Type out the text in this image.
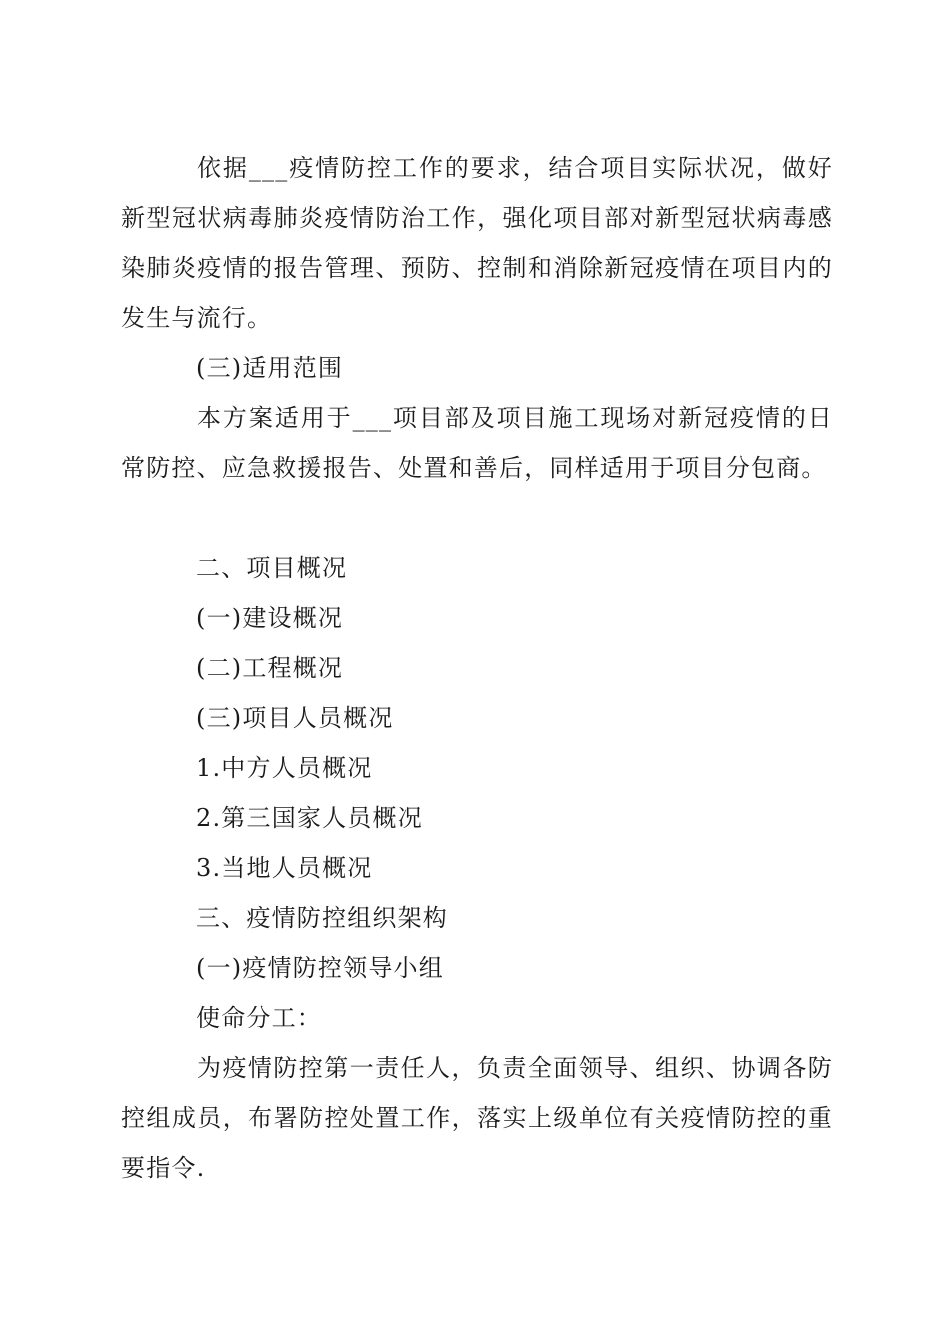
依据___疫情防控工作的要求，结合项目实际状况，做好新型冠状病毒肺炎疫情防治工作，强化项目部对新型冠状病毒感染肺炎疫情的报告管理、预防、控制和消除新冠疫情在项目内的发生与流行。

(三)适用范围

本方案适用于___项目部及项目施工现场对新冠疫情的日常防控、应急救援报告、处置和善后，同样适用于项目分包商。

二、项目概况

(一)建设概况

(二)工程概况

(三)项目人员概况

1.中方人员概况

2.第三国家人员概况

3.当地人员概况

三、疫情防控组织架构

(一)疫情防控领导小组

使命分工：

为疫情防控第一责任人，负责全面领导、组织、协调各防控组成员，布署防控处置工作，落实上级单位有关疫情防控的重要指令.
